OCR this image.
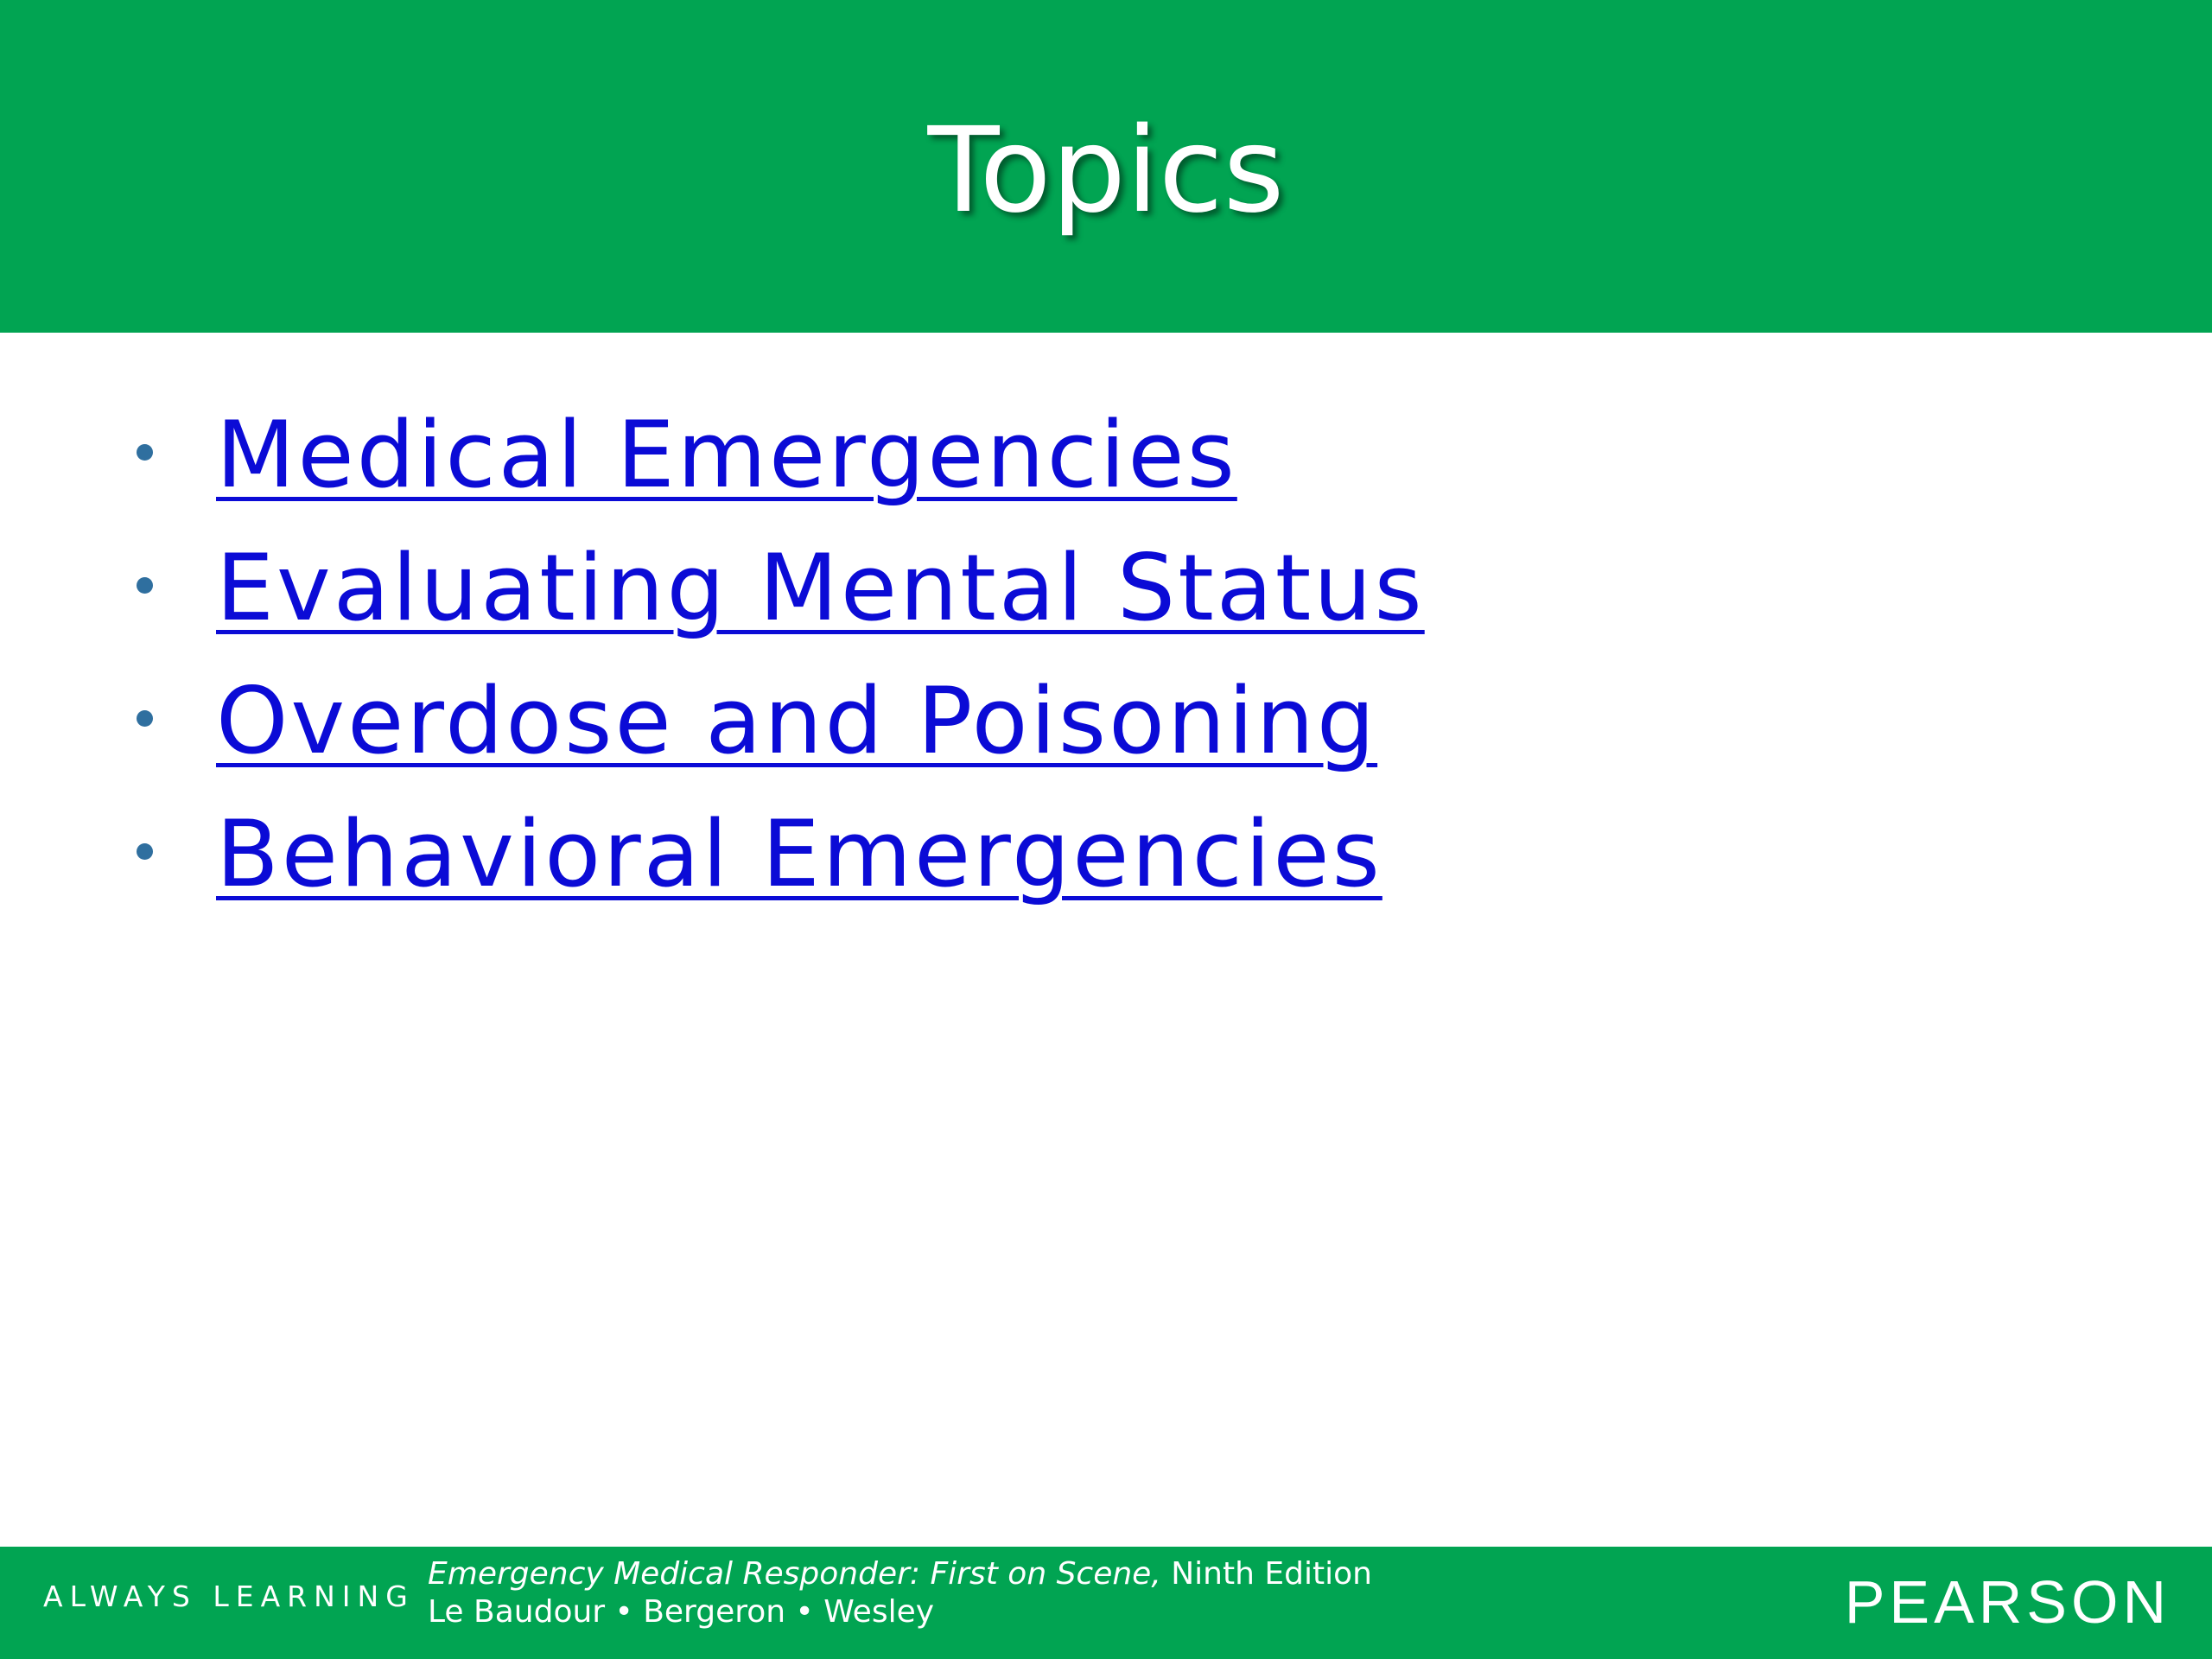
Topics
Medical Emergencies
Evaluating Mental Status
Overdose and Poisoning
Behavioral Emergencies
ALWAYS LEARNING
Emergency Medical Responder: First on Scene, Ninth Edition
Le Baudour • Bergeron • Wesley	PEARSON
